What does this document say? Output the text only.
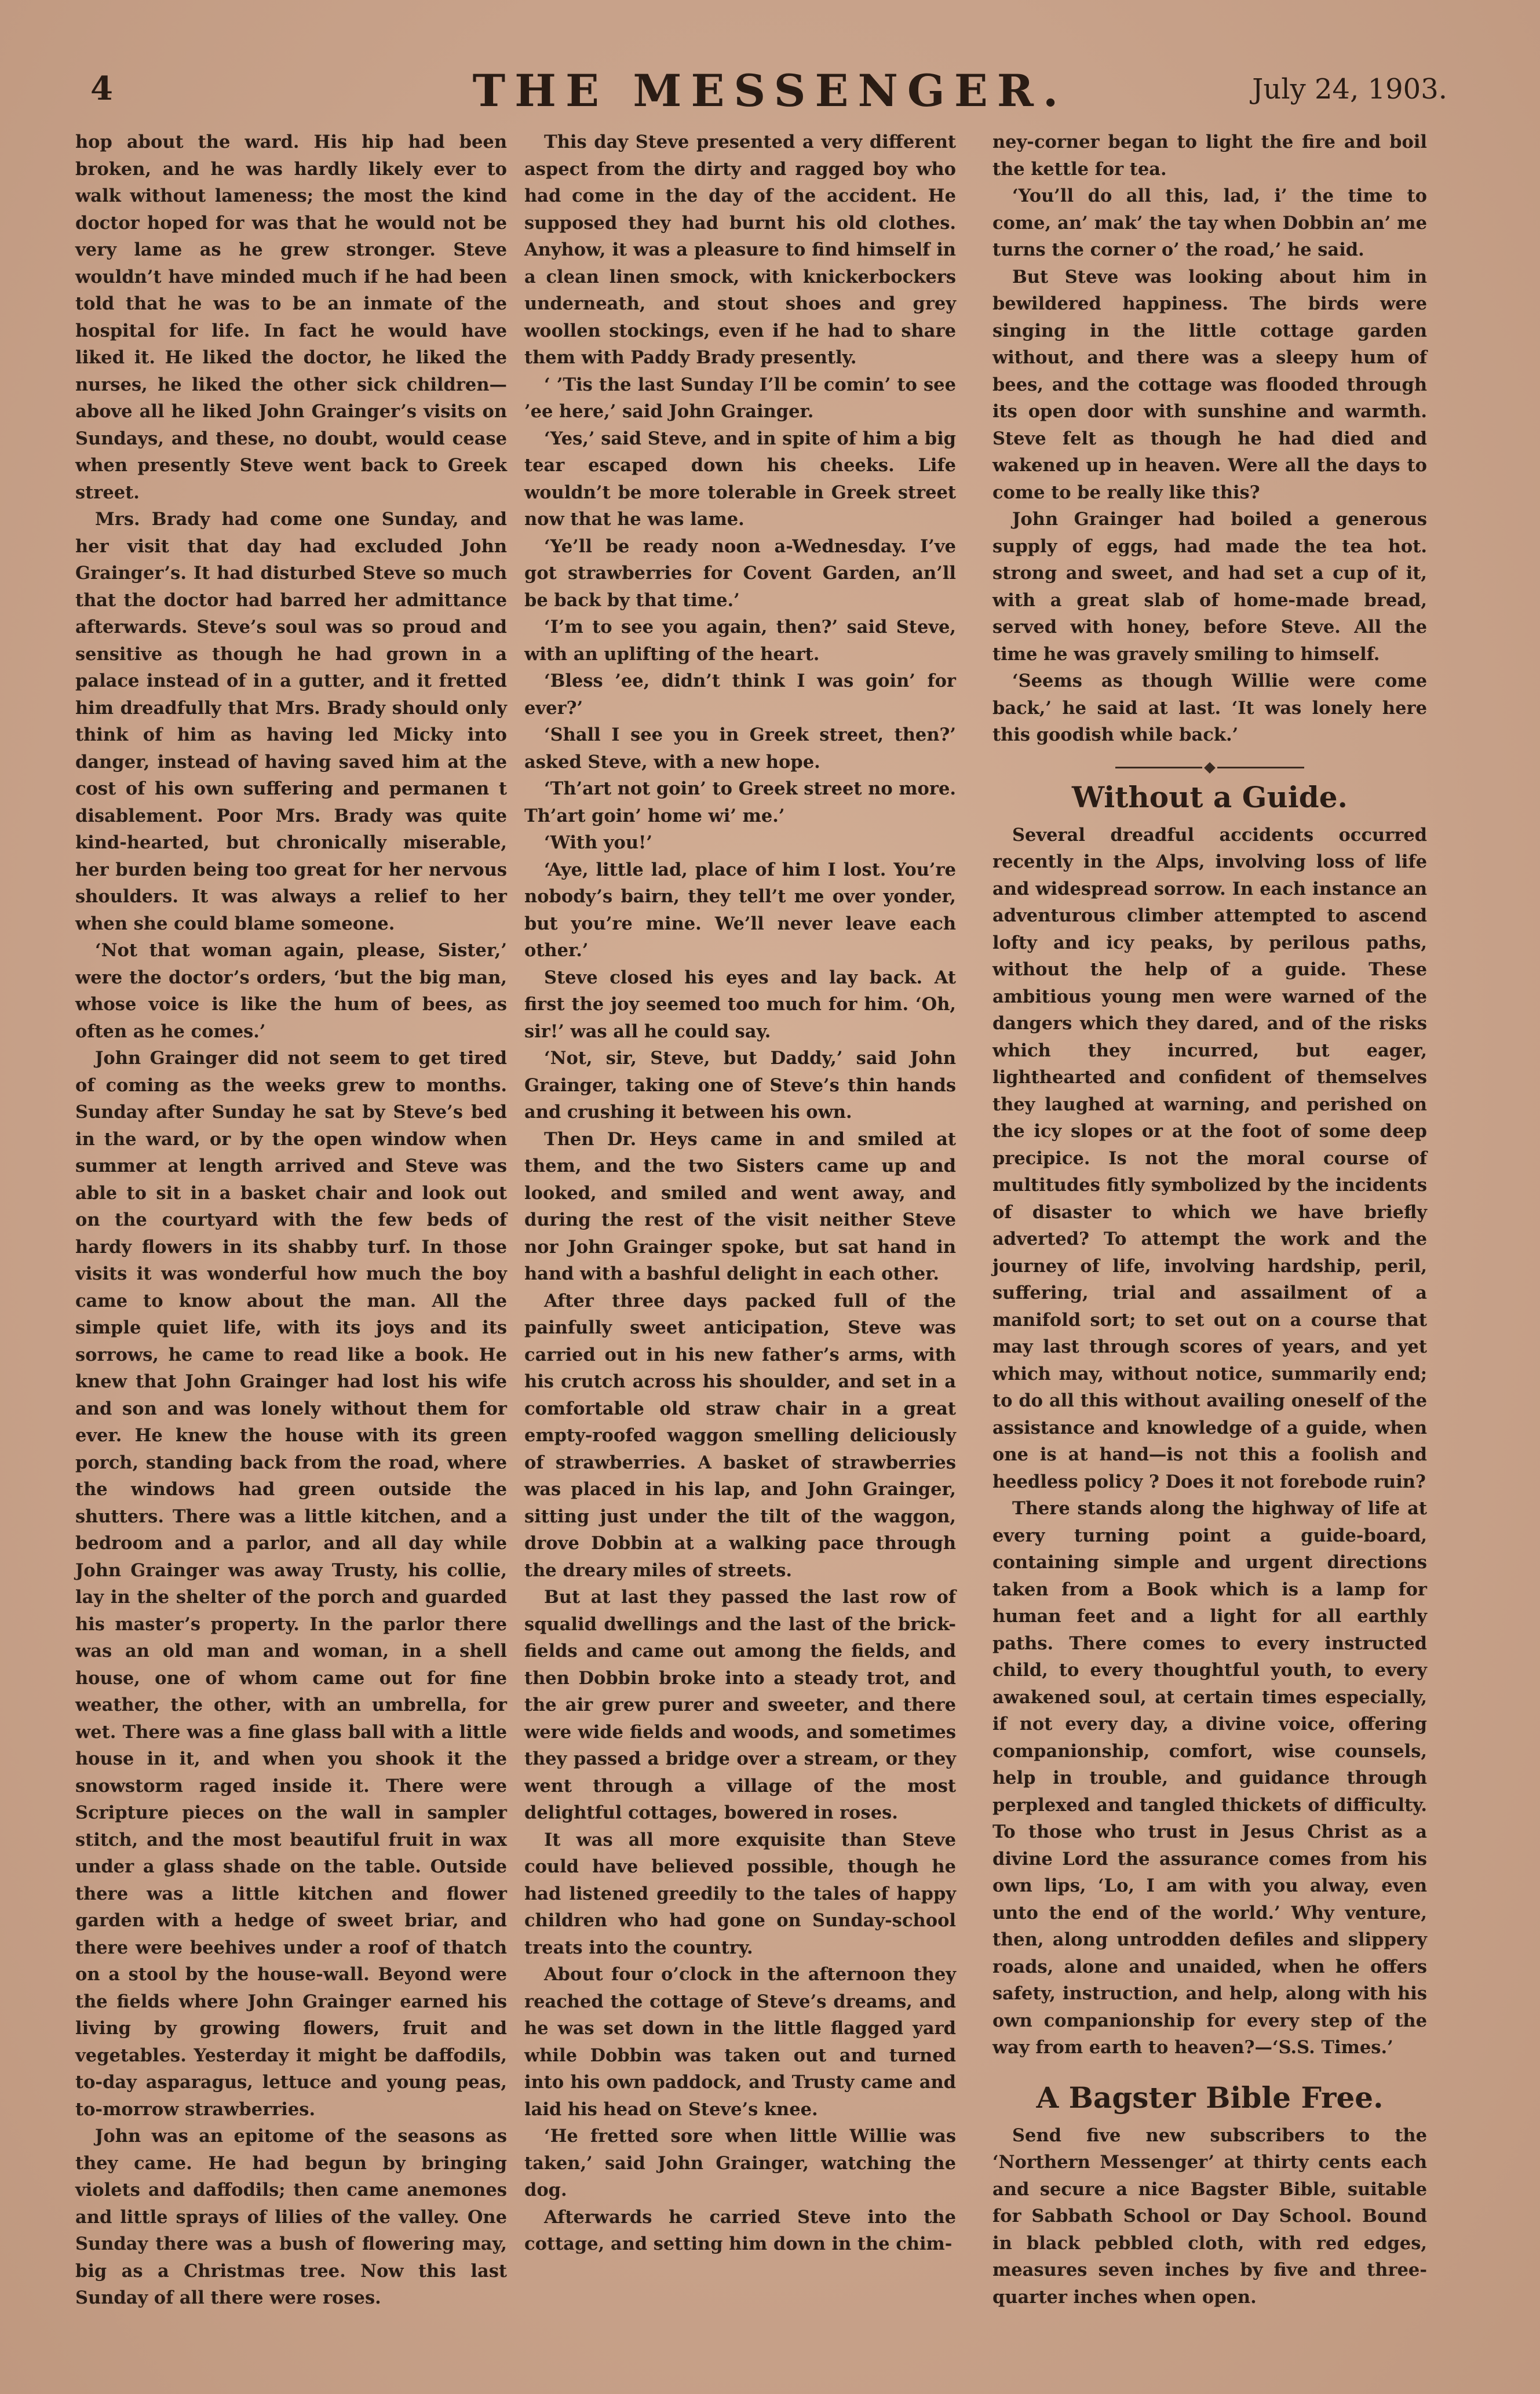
4	THE MESSENGER.	July 24, 1903.

hop about the ward. His hip had been broken, and he was hardly likely ever to walk without lameness; the most the kind doctor hoped for was that he would not be very lame as he grew stronger. Steve wouldn’t have minded much if he had been told that he was to be an inmate of the hospital for life. In fact he would have liked it. He liked the doctor, he liked the nurses, he liked the other sick children—above all he liked John Grainger’s visits on Sundays, and these, no doubt, would cease when presently Steve went back to Greek street.

Mrs. Brady had come one Sunday, and her visit that day had excluded John Grainger’s. It had disturbed Steve so much that the doctor had barred her admittance afterwards. Steve’s soul was so proud and sensitive as though he had grown in a palace instead of in a gutter, and it fretted him dreadfully that Mrs. Brady should only think of him as having led Micky into danger, instead of having saved him at the cost of his own suffering and permanen t disablement. Poor Mrs. Brady was quite kind-hearted, but chronically miserable, her burden being too great for her nervous shoulders. It was always a relief to her when she could blame someone.

‘Not that woman again, please, Sister,’ were the doctor’s orders, ‘but the big man, whose voice is like the hum of bees, as often as he comes.’

John Grainger did not seem to get tired of coming as the weeks grew to months. Sunday after Sunday he sat by Steve’s bed in the ward, or by the open window when summer at length arrived and Steve was able to sit in a basket chair and look out on the courtyard with the few beds of hardy flowers in its shabby turf. In those visits it was wonderful how much the boy came to know about the man. All the simple quiet life, with its joys and its sorrows, he came to read like a book. He knew that John Grainger had lost his wife and son and was lonely without them for ever. He knew the house with its green porch, standing back from the road, where the windows had green outside the shutters. There was a little kitchen, and a bedroom and a parlor, and all day while John Grainger was away Trusty, his collie, lay in the shelter of the porch and guarded his master’s property. In the parlor there was an old man and woman, in a shell house, one of whom came out for fine weather, the other, with an umbrella, for wet. There was a fine glass ball with a little house in it, and when you shook it the snowstorm raged inside it. There were Scripture pieces on the wall in sampler stitch, and the most beautiful fruit in wax under a glass shade on the table. Outside there was a little kitchen and flower garden with a hedge of sweet briar, and there were beehives under a roof of thatch on a stool by the house-wall. Beyond were the fields where John Grainger earned his living by growing flowers, fruit and vegetables. Yesterday it might be daffodils, to-day asparagus, lettuce and young peas, to-morrow strawberries.

John was an epitome of the seasons as they came. He had begun by bringing violets and daffodils; then came anemones and little sprays of lilies of the valley. One Sunday there was a bush of flowering may, big as a Christmas tree. Now this last Sunday of all there were roses.

This day Steve presented a very different aspect from the dirty and ragged boy who had come in the day of the accident. He supposed they had burnt his old clothes. Anyhow, it was a pleasure to find himself in a clean linen smock, with knickerbockers underneath, and stout shoes and grey woollen stockings, even if he had to share them with Paddy Brady presently.

‘ ’Tis the last Sunday I’ll be comin’ to see ’ee here,’ said John Grainger.

‘Yes,’ said Steve, and in spite of him a big tear escaped down his cheeks. Life wouldn’t be more tolerable in Greek street now that he was lame.

‘Ye’ll be ready noon a-Wednesday. I’ve got strawberries for Covent Garden, an’ll be back by that time.’

‘I’m to see you again, then?’ said Steve, with an uplifting of the heart.

‘Bless ’ee, didn’t think I was goin’ for ever?’

‘Shall I see you in Greek street, then?’ asked Steve, with a new hope.

‘Th’art not goin’ to Greek street no more. Th’art goin’ home wi’ me.’

‘With you!’

‘Aye, little lad, place of him I lost. You’re nobody’s bairn, they tell’t me over yonder, but you’re mine. We’ll never leave each other.’

Steve closed his eyes and lay back. At first the joy seemed too much for him. ‘Oh, sir!’ was all he could say.

‘Not, sir, Steve, but Daddy,’ said John Grainger, taking one of Steve’s thin hands and crushing it between his own.

Then Dr. Heys came in and smiled at them, and the two Sisters came up and looked, and smiled and went away, and during the rest of the visit neither Steve nor John Grainger spoke, but sat hand in hand with a bashful delight in each other.

After three days packed full of the painfully sweet anticipation, Steve was carried out in his new father’s arms, with his crutch across his shoulder, and set in a comfortable old straw chair in a great empty-roofed waggon smelling deliciously of strawberries. A basket of strawberries was placed in his lap, and John Grainger, sitting just under the tilt of the waggon, drove Dobbin at a walking pace through the dreary miles of streets.

But at last they passed the last row of squalid dwellings and the last of the brick-fields and came out among the fields, and then Dobbin broke into a steady trot, and the air grew purer and sweeter, and there were wide fields and woods, and sometimes they passed a bridge over a stream, or they went through a village of the most delightful cottages, bowered in roses.

It was all more exquisite than Steve could have believed possible, though he had listened greedily to the tales of happy children who had gone on Sunday-school treats into the country.

About four o’clock in the afternoon they reached the cottage of Steve’s dreams, and he was set down in the little flagged yard while Dobbin was taken out and turned into his own paddock, and Trusty came and laid his head on Steve’s knee.

‘He fretted sore when little Willie was taken,’ said John Grainger, watching the dog.

Afterwards he carried Steve into the cottage, and setting him down in the chim-

ney-corner began to light the fire and boil the kettle for tea.

‘You’ll do all this, lad, i’ the time to come, an’ mak’ the tay when Dobbin an’ me turns the corner o’ the road,’ he said.

But Steve was looking about him in bewildered happiness. The birds were singing in the little cottage garden without, and there was a sleepy hum of bees, and the cottage was flooded through its open door with sunshine and warmth. Steve felt as though he had died and wakened up in heaven. Were all the days to come to be really like this?

John Grainger had boiled a generous supply of eggs, had made the tea hot. strong and sweet, and had set a cup of it, with a great slab of home-made bread, served with honey, before Steve. All the time he was gravely smiling to himself.

‘Seems as though Willie were come back,’ he said at last. ‘It was lonely here this goodish while back.’

Without a Guide.

Several dreadful accidents occurred recently in the Alps, involving loss of life and widespread sorrow. In each instance an adventurous climber attempted to ascend lofty and icy peaks, by perilous paths, without the help of a guide. These ambitious young men were warned of the dangers which they dared, and of the risks which they incurred, but eager, lighthearted and confident of themselves they laughed at warning, and perished on the icy slopes or at the foot of some deep precipice. Is not the moral course of multitudes fitly symbolized by the incidents of disaster to which we have briefly adverted? To attempt the work and the journey of life, involving hardship, peril, suffering, trial and assailment of a manifold sort; to set out on a course that may last through scores of years, and yet which may, without notice, summarily end; to do all this without availing oneself of the assistance and knowledge of a guide, when one is at hand—is not this a foolish and heedless policy ? Does it not forebode ruin?

There stands along the highway of life at every turning point a guide-board, containing simple and urgent directions taken from a Book which is a lamp for human feet and a light for all earthly paths. There comes to every instructed child, to every thoughtful youth, to every awakened soul, at certain times especially, if not every day, a divine voice, offering companionship, comfort, wise counsels, help in trouble, and guidance through perplexed and tangled thickets of difficulty. To those who trust in Jesus Christ as a divine Lord the assurance comes from his own lips, ‘Lo, I am with you alway, even unto the end of the world.’ Why venture, then, along untrodden defiles and slippery roads, alone and unaided, when he offers safety, instruction, and help, along with his own companionship for every step of the way from earth to heaven?—‘S.S. Times.’

A Bagster Bible Free.

Send five new subscribers to the ‘Northern Messenger’ at thirty cents each and secure a nice Bagster Bible, suitable for Sabbath School or Day School. Bound in black pebbled cloth, with red edges, measures seven inches by five and three-quarter inches when open.
